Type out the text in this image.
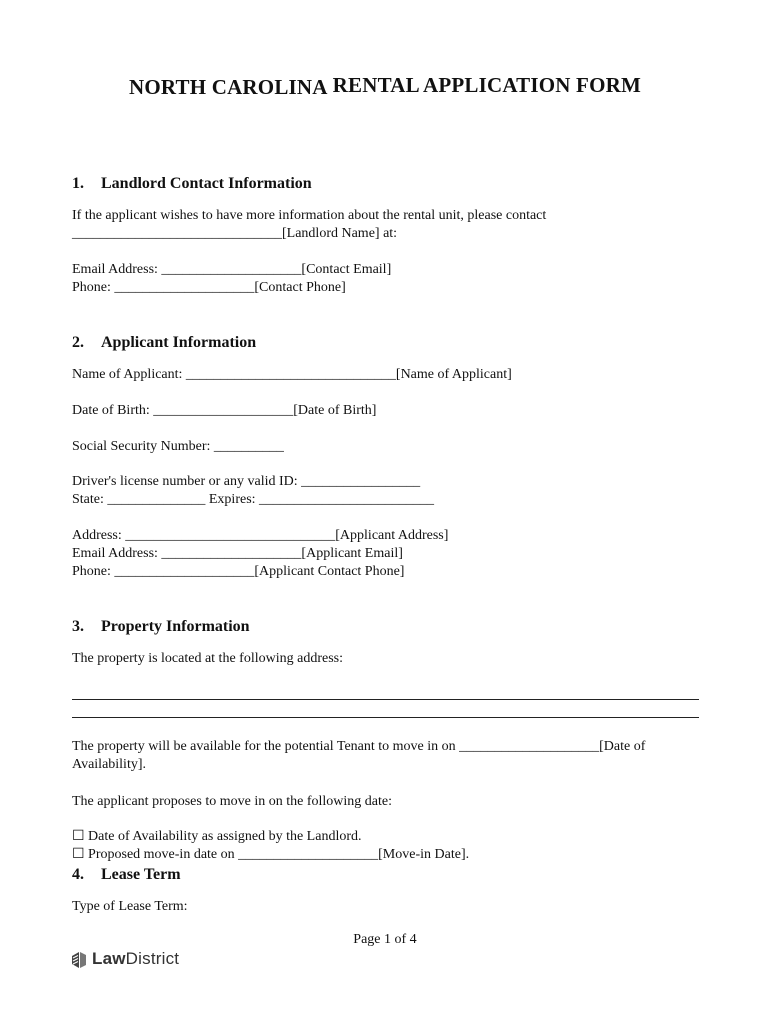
NORTH CAROLINA RENTAL APPLICATION FORM
1. Landlord Contact Information
If the applicant wishes to have more information about the rental unit, please contact
______________________________[Landlord Name] at:
Email Address: ____________________[Contact Email]
Phone: ____________________[Contact Phone]
2. Applicant Information
Name of Applicant: ______________________________[Name of Applicant]
Date of Birth: ____________________[Date of Birth]
Social Security Number: __________
Driver's license number or any valid ID: _________________
State: ______________ Expires: _________________________
Address: ______________________________[Applicant Address]
Email Address: ____________________[Applicant Email]
Phone: ____________________[Applicant Contact Phone]
3. Property Information
The property is located at the following address:
The property will be available for the potential Tenant to move in on ____________________[Date of
Availability].
The applicant proposes to move in on the following date:
☐ Date of Availability as assigned by the Landlord.
☐ Proposed move-in date on ____________________[Move-in Date].
4. Lease Term
Type of Lease Term:
Page 1 of 4
LawDistrict
